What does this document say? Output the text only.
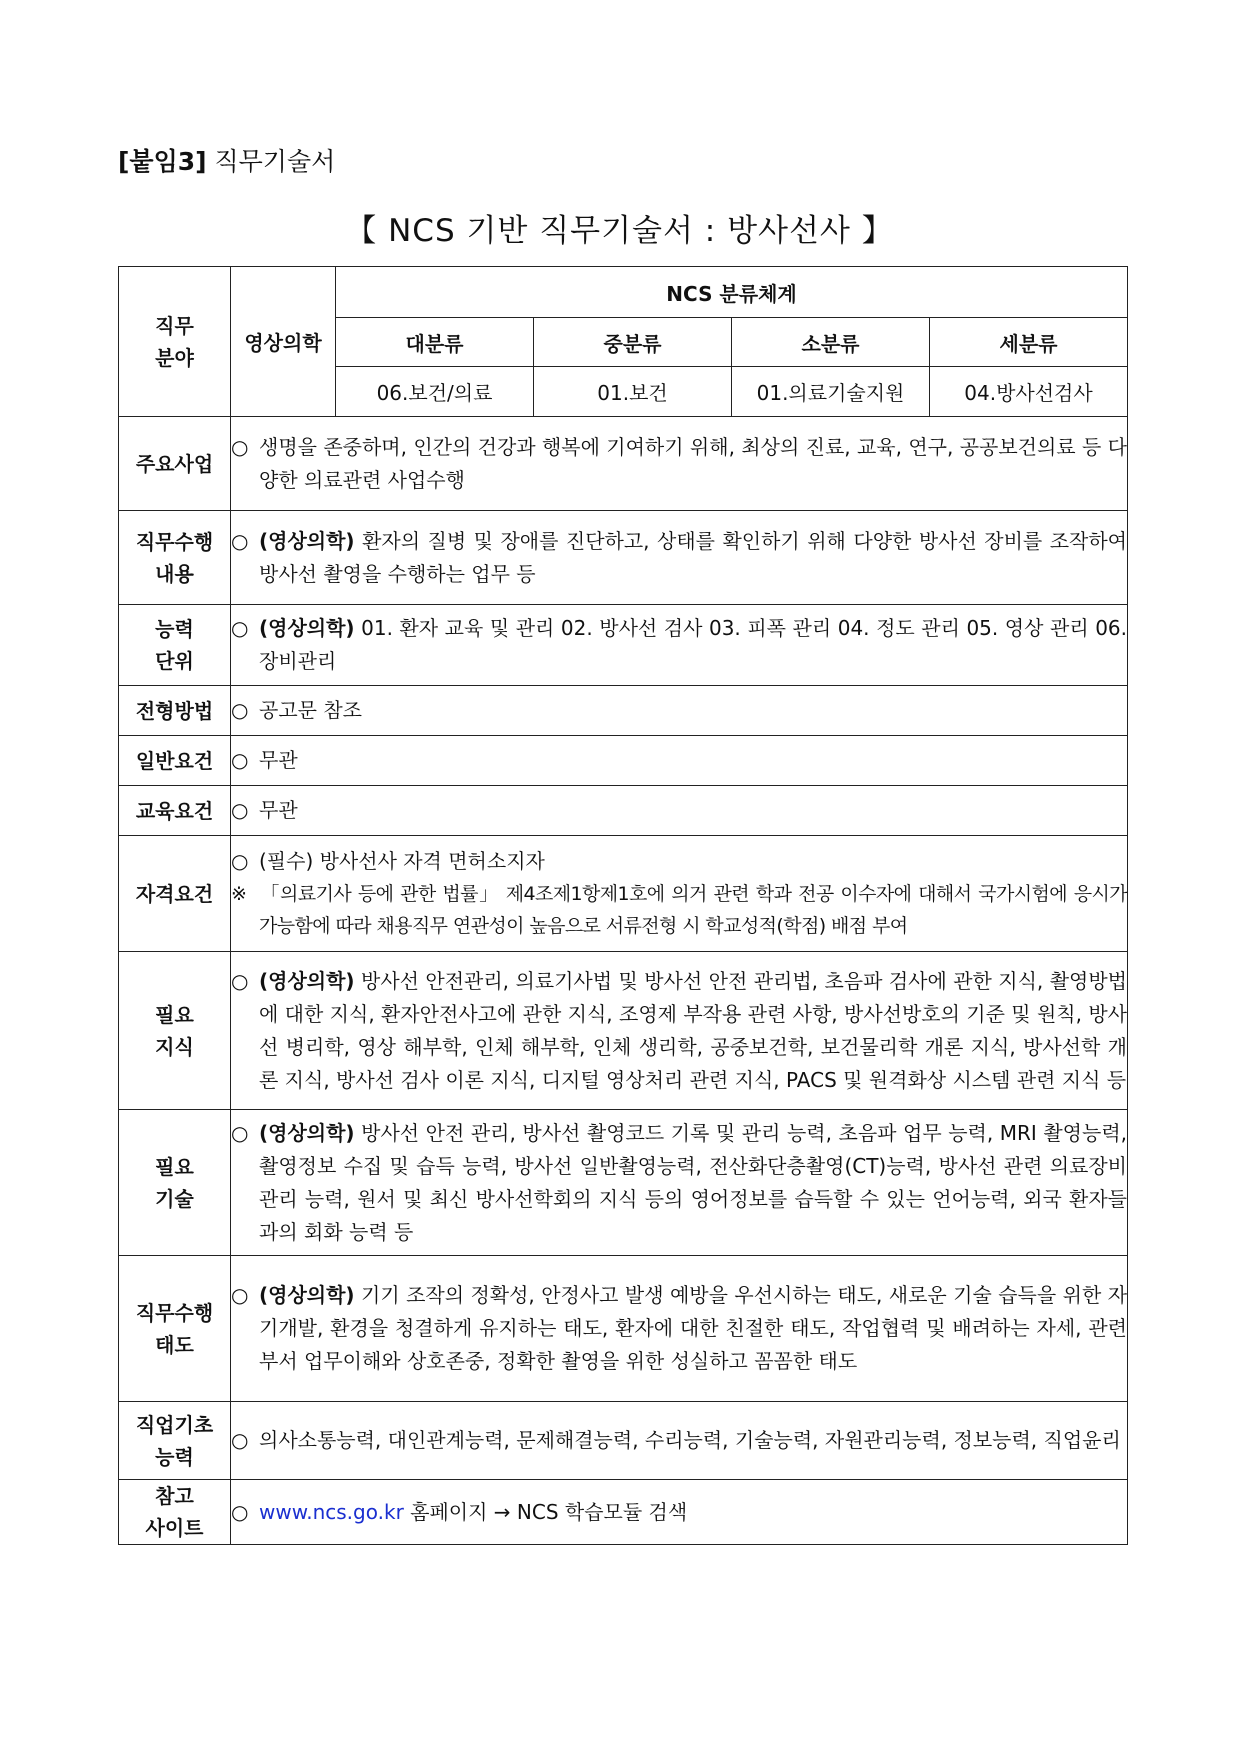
[붙임3] 직무기술서
【 NCS 기반 직무기술서 : 방사선사 】
직무
분야	영상의학	NCS 분류체계			
		대분류	중분류	소분류	세분류
		06.보건/의료	01.보건	01.의료기술지원	04.방사선검사
주요사업	○ 생명을 존중하며, 인간의 건강과 행복에 기여하기 위해, 최상의 진료, 교육, 연구, 공공보건의료 등 다양한 의료관련 사업수행				

직무수행
내용	○ (영상의학) 환자의 질병 및 장애를 진단하고, 상태를 확인하기 위해 다양한 방사선 장비를 조작하여 방사선 촬영을 수행하는 업무 등				

능력
단위	○ (영상의학) 01. 환자 교육 및 관리 02. 방사선 검사 03. 피폭 관리 04. 정도 관리 05. 영상 관리 06. 장비관리				

전형방법	○ 공고문 참조				

일반요건	○ 무관				

교육요건	○ 무관				

자격요건	○ (필수) 방사선사 자격 면허소지자
※ 「의료기사 등에 관한 법률」 제4조제1항제1호에 의거 관련 학과 전공 이수자에 대해서 국가시험에 응시가 가능함에 따라 채용직무 연관성이 높음으로 서류전형 시 학교성적(학점) 배점 부여				

필요
지식	○ (영상의학) 방사선 안전관리, 의료기사법 및 방사선 안전 관리법, 초음파 검사에 관한 지식, 촬영방법에 대한 지식, 환자안전사고에 관한 지식, 조영제 부작용 관련 사항, 방사선방호의 기준 및 원칙, 방사선 병리학, 영상 해부학, 인체 해부학, 인체 생리학, 공중보건학, 보건물리학 개론 지식, 방사선학 개론 지식, 방사선 검사 이론 지식, 디지털 영상처리 관련 지식, PACS 및 원격화상 시스템 관련 지식 등				

필요
기술	○ (영상의학) 방사선 안전 관리, 방사선 촬영코드 기록 및 관리 능력, 초음파 업무 능력, MRI 촬영능력, 촬영정보 수집 및 습득 능력, 방사선 일반촬영능력, 전산화단층촬영(CT)능력, 방사선 관련 의료장비 관리 능력, 원서 및 최신 방사선학회의 지식 등의 영어정보를 습득할 수 있는 언어능력, 외국 환자들과의 회화 능력 등				

직무수행
태도	○ (영상의학) 기기 조작의 정확성, 안정사고 발생 예방을 우선시하는 태도, 새로운 기술 습득을 위한 자기개발, 환경을 청결하게 유지하는 태도, 환자에 대한 친절한 태도, 작업협력 및 배려하는 자세, 관련부서 업무이해와 상호존중, 정확한 촬영을 위한 성실하고 꼼꼼한 태도				

직업기초
능력	○ 의사소통능력, 대인관계능력, 문제해결능력, 수리능력, 기술능력, 자원관리능력, 정보능력, 직업윤리				

참고
사이트	○ www.ncs.go.kr 홈페이지 → NCS 학습모듈 검색				
